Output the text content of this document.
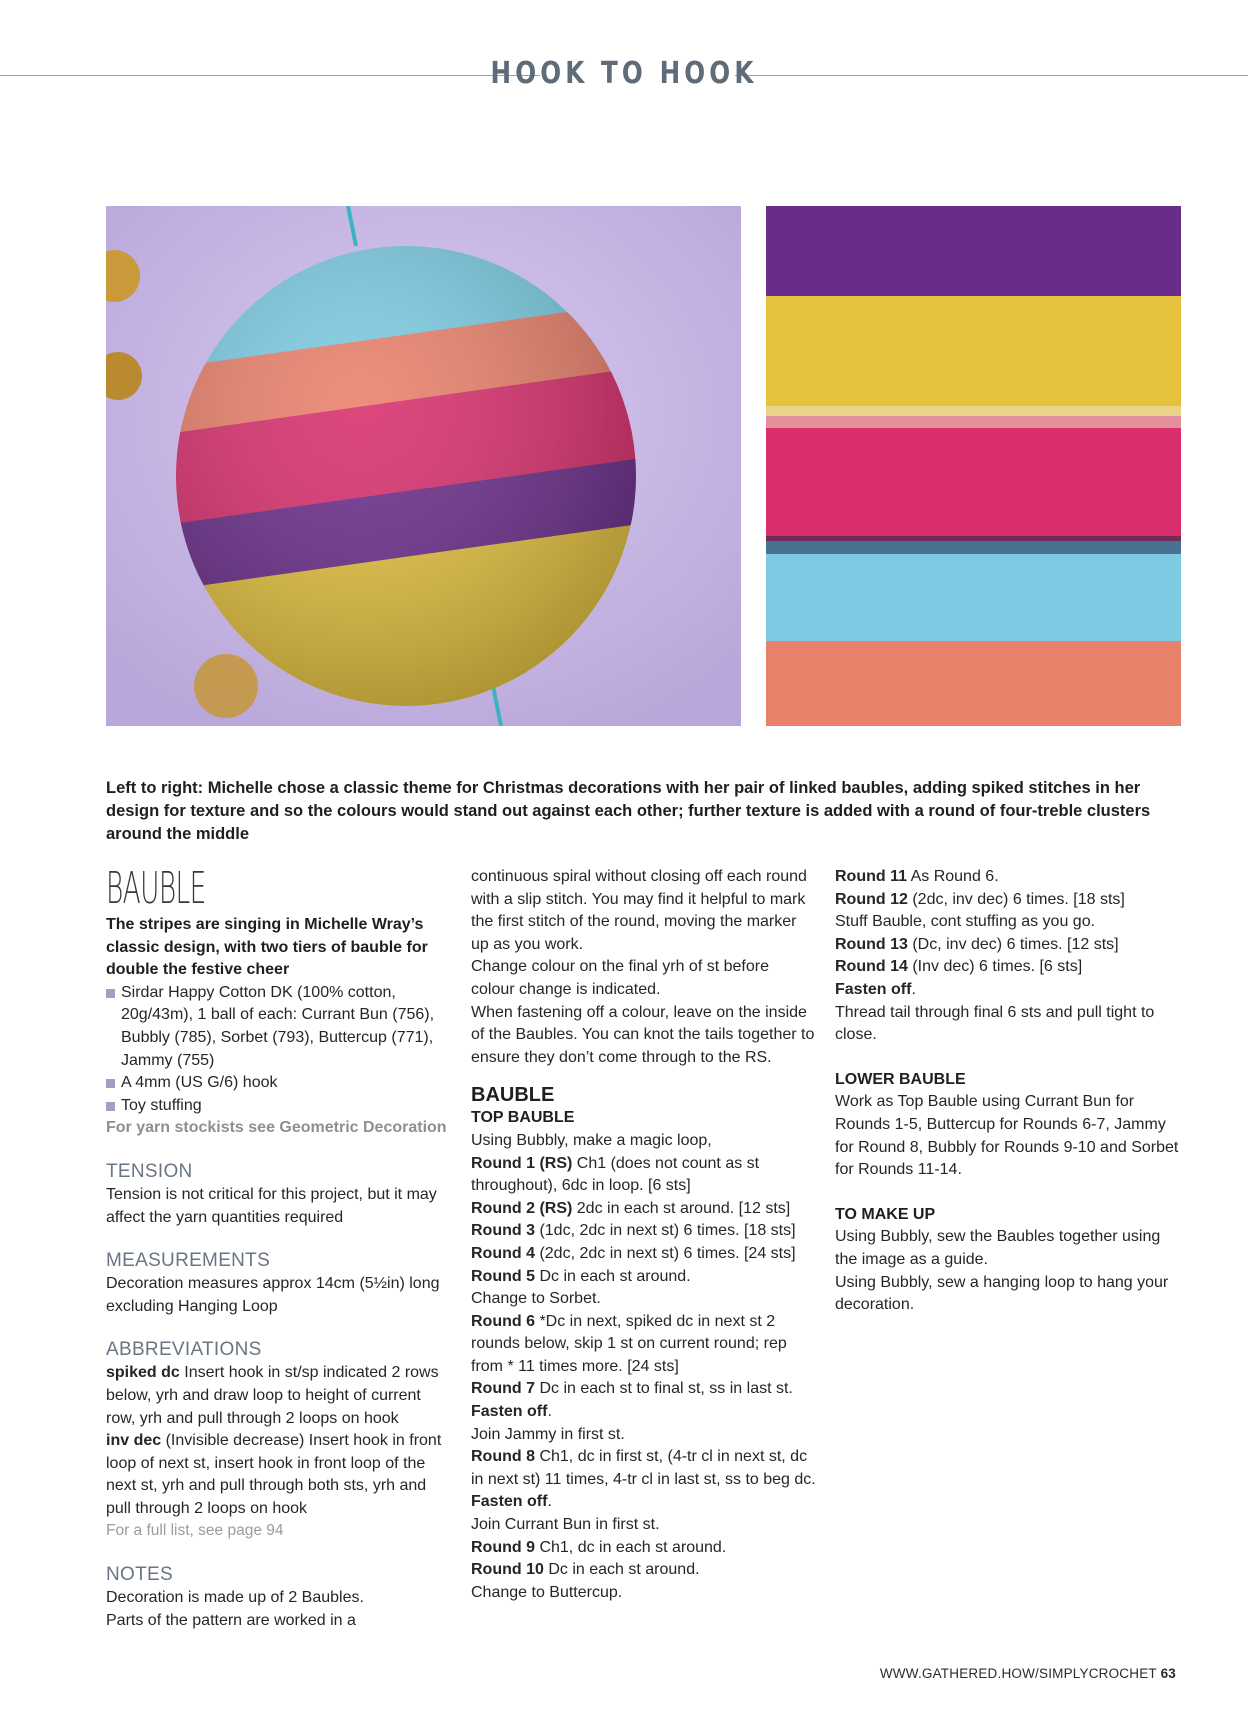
HOOK TO HOOK
Left to right: Michelle chose a classic theme for Christmas decorations with her pair of linked baubles, adding spiked stitches in her design for texture and so the colours would stand out against each other; further texture is added with a round of four-treble clusters around the middle
BAUBLE
The stripes are singing in Michelle Wray’s classic design, with two tiers of bauble for double the festive cheer
Sirdar Happy Cotton DK (100% cotton, 20g/43m), 1 ball of each: Currant Bun (756), Bubbly (785), Sorbet (793), Buttercup (771), Jammy (755)
A 4mm (US G/6) hook
Toy stuffing
For yarn stockists see Geometric Decoration
TENSION
Tension is not critical for this project, but it may affect the yarn quantities required
MEASUREMENTS
Decoration measures approx 14cm (5½in) long excluding Hanging Loop
ABBREVIATIONS
spiked dc Insert hook in st/sp indicated 2 rows below, yrh and draw loop to height of current row, yrh and pull through 2 loops on hook
inv dec (Invisible decrease) Insert hook in front loop of next st, insert hook in front loop of the next st, yrh and pull through both sts, yrh and pull through 2 loops on hook
For a full list, see page 94
NOTES
Decoration is made up of 2 Baubles.
Parts of the pattern are worked in a
continuous spiral without closing off each round with a slip stitch. You may find it helpful to mark the first stitch of the round, moving the marker up as you work.
Change colour on the final yrh of st before colour change is indicated.
When fastening off a colour, leave on the inside of the Baubles. You can knot the tails together to ensure they don’t come through to the RS.
BAUBLE
TOP BAUBLE
Using Bubbly, make a magic loop,
Round 1 (RS) Ch1 (does not count as st throughout), 6dc in loop. [6 sts]
Round 2 (RS) 2dc in each st around. [12 sts]
Round 3 (1dc, 2dc in next st) 6 times. [18 sts]
Round 4 (2dc, 2dc in next st) 6 times. [24 sts]
Round 5 Dc in each st around.
Change to Sorbet.
Round 6 *Dc in next, spiked dc in next st 2 rounds below, skip 1 st on current round; rep from * 11 times more. [24 sts]
Round 7 Dc in each st to final st, ss in last st.
Fasten off.
Join Jammy in first st.
Round 8 Ch1, dc in first st, (4-tr cl in next st, dc in next st) 11 times, 4-tr cl in last st, ss to beg dc.
Fasten off.
Join Currant Bun in first st.
Round 9 Ch1, dc in each st around.
Round 10 Dc in each st around.
Change to Buttercup.
Round 11 As Round 6.
Round 12 (2dc, inv dec) 6 times. [18 sts]
Stuff Bauble, cont stuffing as you go.
Round 13 (Dc, inv dec) 6 times. [12 sts]
Round 14 (Inv dec) 6 times. [6 sts]
Fasten off.
Thread tail through final 6 sts and pull tight to close.
LOWER BAUBLE
Work as Top Bauble using Currant Bun for Rounds 1-5, Buttercup for Rounds 6-7, Jammy for Round 8, Bubbly for Rounds 9-10 and Sorbet for Rounds 11-14.
TO MAKE UP
Using Bubbly, sew the Baubles together using the image as a guide.
Using Bubbly, sew a hanging loop to hang your decoration.
WWW.GATHERED.HOW/SIMPLYCROCHET 63
